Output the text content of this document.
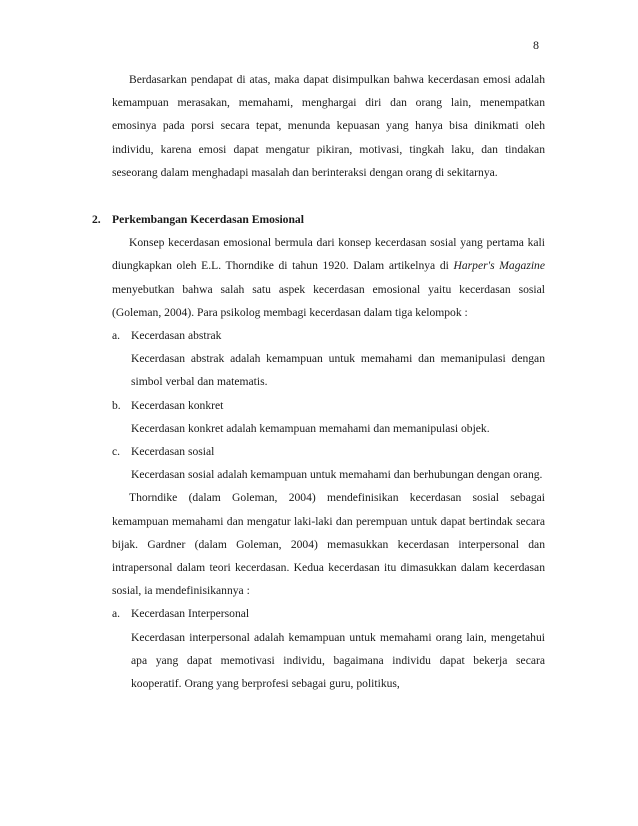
8

Berdasarkan pendapat di atas, maka dapat disimpulkan bahwa kecerdasan emosi adalah kemampuan merasakan, memahami, menghargai diri dan orang lain, menempatkan emosinya pada porsi secara tepat, menunda kepuasan yang hanya bisa dinikmati oleh individu, karena emosi dapat mengatur pikiran, motivasi, tingkah laku, dan tindakan seseorang dalam menghadapi masalah dan berinteraksi dengan orang di sekitarnya.

2. Perkembangan Kecerdasan Emosional

Konsep kecerdasan emosional bermula dari konsep kecerdasan sosial yang pertama kali diungkapkan oleh E.L. Thorndike di tahun 1920. Dalam artikelnya di Harper's Magazine menyebutkan bahwa salah satu aspek kecerdasan emosional yaitu kecerdasan sosial (Goleman, 2004). Para psikolog membagi kecerdasan dalam tiga kelompok :

a. Kecerdasan abstrak
Kecerdasan abstrak adalah kemampuan untuk memahami dan memanipulasi dengan simbol verbal dan matematis.
b. Kecerdasan konkret
Kecerdasan konkret adalah kemampuan memahami dan memanipulasi objek.
c. Kecerdasan sosial
Kecerdasan sosial adalah kemampuan untuk memahami dan berhubungan dengan orang.

Thorndike (dalam Goleman, 2004) mendefinisikan kecerdasan sosial sebagai kemampuan memahami dan mengatur laki-laki dan perempuan untuk dapat bertindak secara bijak. Gardner (dalam Goleman, 2004) memasukkan kecerdasan interpersonal dan intrapersonal dalam teori kecerdasan. Kedua kecerdasan itu dimasukkan dalam kecerdasan sosial, ia mendefinisikannya :

a. Kecerdasan Interpersonal
Kecerdasan interpersonal adalah kemampuan untuk memahami orang lain, mengetahui apa yang dapat memotivasi individu, bagaimana individu dapat bekerja secara kooperatif. Orang yang berprofesi sebagai guru, politikus,
